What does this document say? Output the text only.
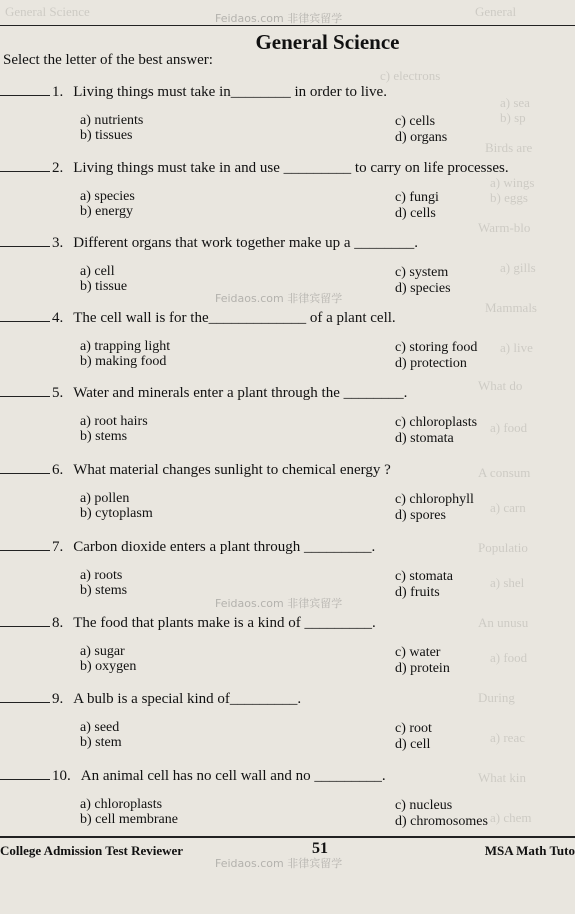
General Science	General
c) electrons
a) sea
b) sp
Birds are
a) wings
b) eggs
Warm-blo
a) gills
Mammals
a) live
What do
a) food
A consum
a) carn
Populatio
a) shel
An unusu
a) food
During
a) reac
What kin
a) chem
Feidaos.com 非律宾留学
Feidaos.com 非律宾留学
Feidaos.com 非律宾留学
Feidaos.com 非律宾留学
General Science
Select the letter of the best answer:
1. Living things must take in________ in order to live.
a) nutrients
b) tissues
c) cells
d) organs
2. Living things must take in and use _________ to carry on life processes.
a) species
b) energy
c) fungi
d) cells
3. Different organs that work together make up a ________.
a) cell
b) tissue
c) system
d) species
4. The cell wall is for the_____________ of a plant cell.
a) trapping light
b) making food
c) storing food
d) protection
5. Water and minerals enter a plant through the ________.
a) root hairs
b) stems
c) chloroplasts
d) stomata
6. What material changes sunlight to chemical energy ?
a) pollen
b) cytoplasm
c) chlorophyll
d) spores
7. Carbon dioxide enters a plant through _________.
a) roots
b) stems
c) stomata
d) fruits
8. The food that plants make is a kind of _________.
a) sugar
b) oxygen
c) water
d) protein
9. A bulb is a special kind of_________.
a) seed
b) stem
c) root
d) cell
10. An animal cell has no cell wall and no _________.
a) chloroplasts
b) cell membrane
c) nucleus
d) chromosomes
College Admission Test Reviewer	51	MSA Math Tuto
